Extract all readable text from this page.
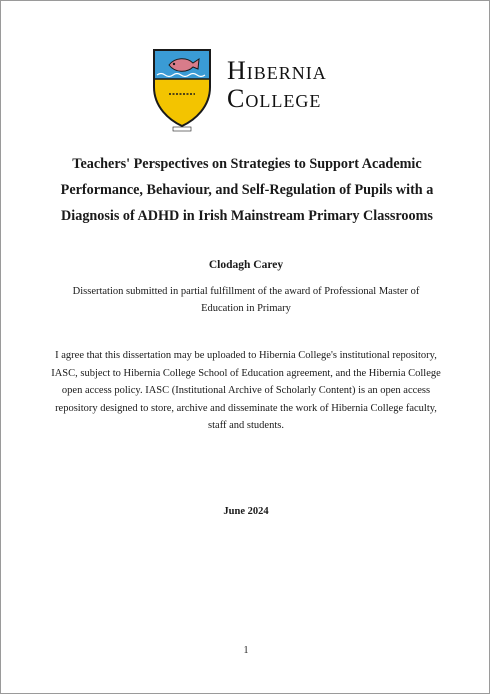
Hibernia
College
Teachers' Perspectives on Strategies to Support Academic Performance, Behaviour, and Self-Regulation of Pupils with a Diagnosis of ADHD in Irish Mainstream Primary Classrooms
Clodagh Carey
Dissertation submitted in partial fulfillment of the award of Professional Master of Education in Primary
I agree that this dissertation may be uploaded to Hibernia College's institutional repository, IASC, subject to Hibernia College School of Education agreement, and the Hibernia College open access policy. IASC (Institutional Archive of Scholarly Content) is an open access repository designed to store, archive and disseminate the work of Hibernia College faculty, staff and students.
June 2024
1
